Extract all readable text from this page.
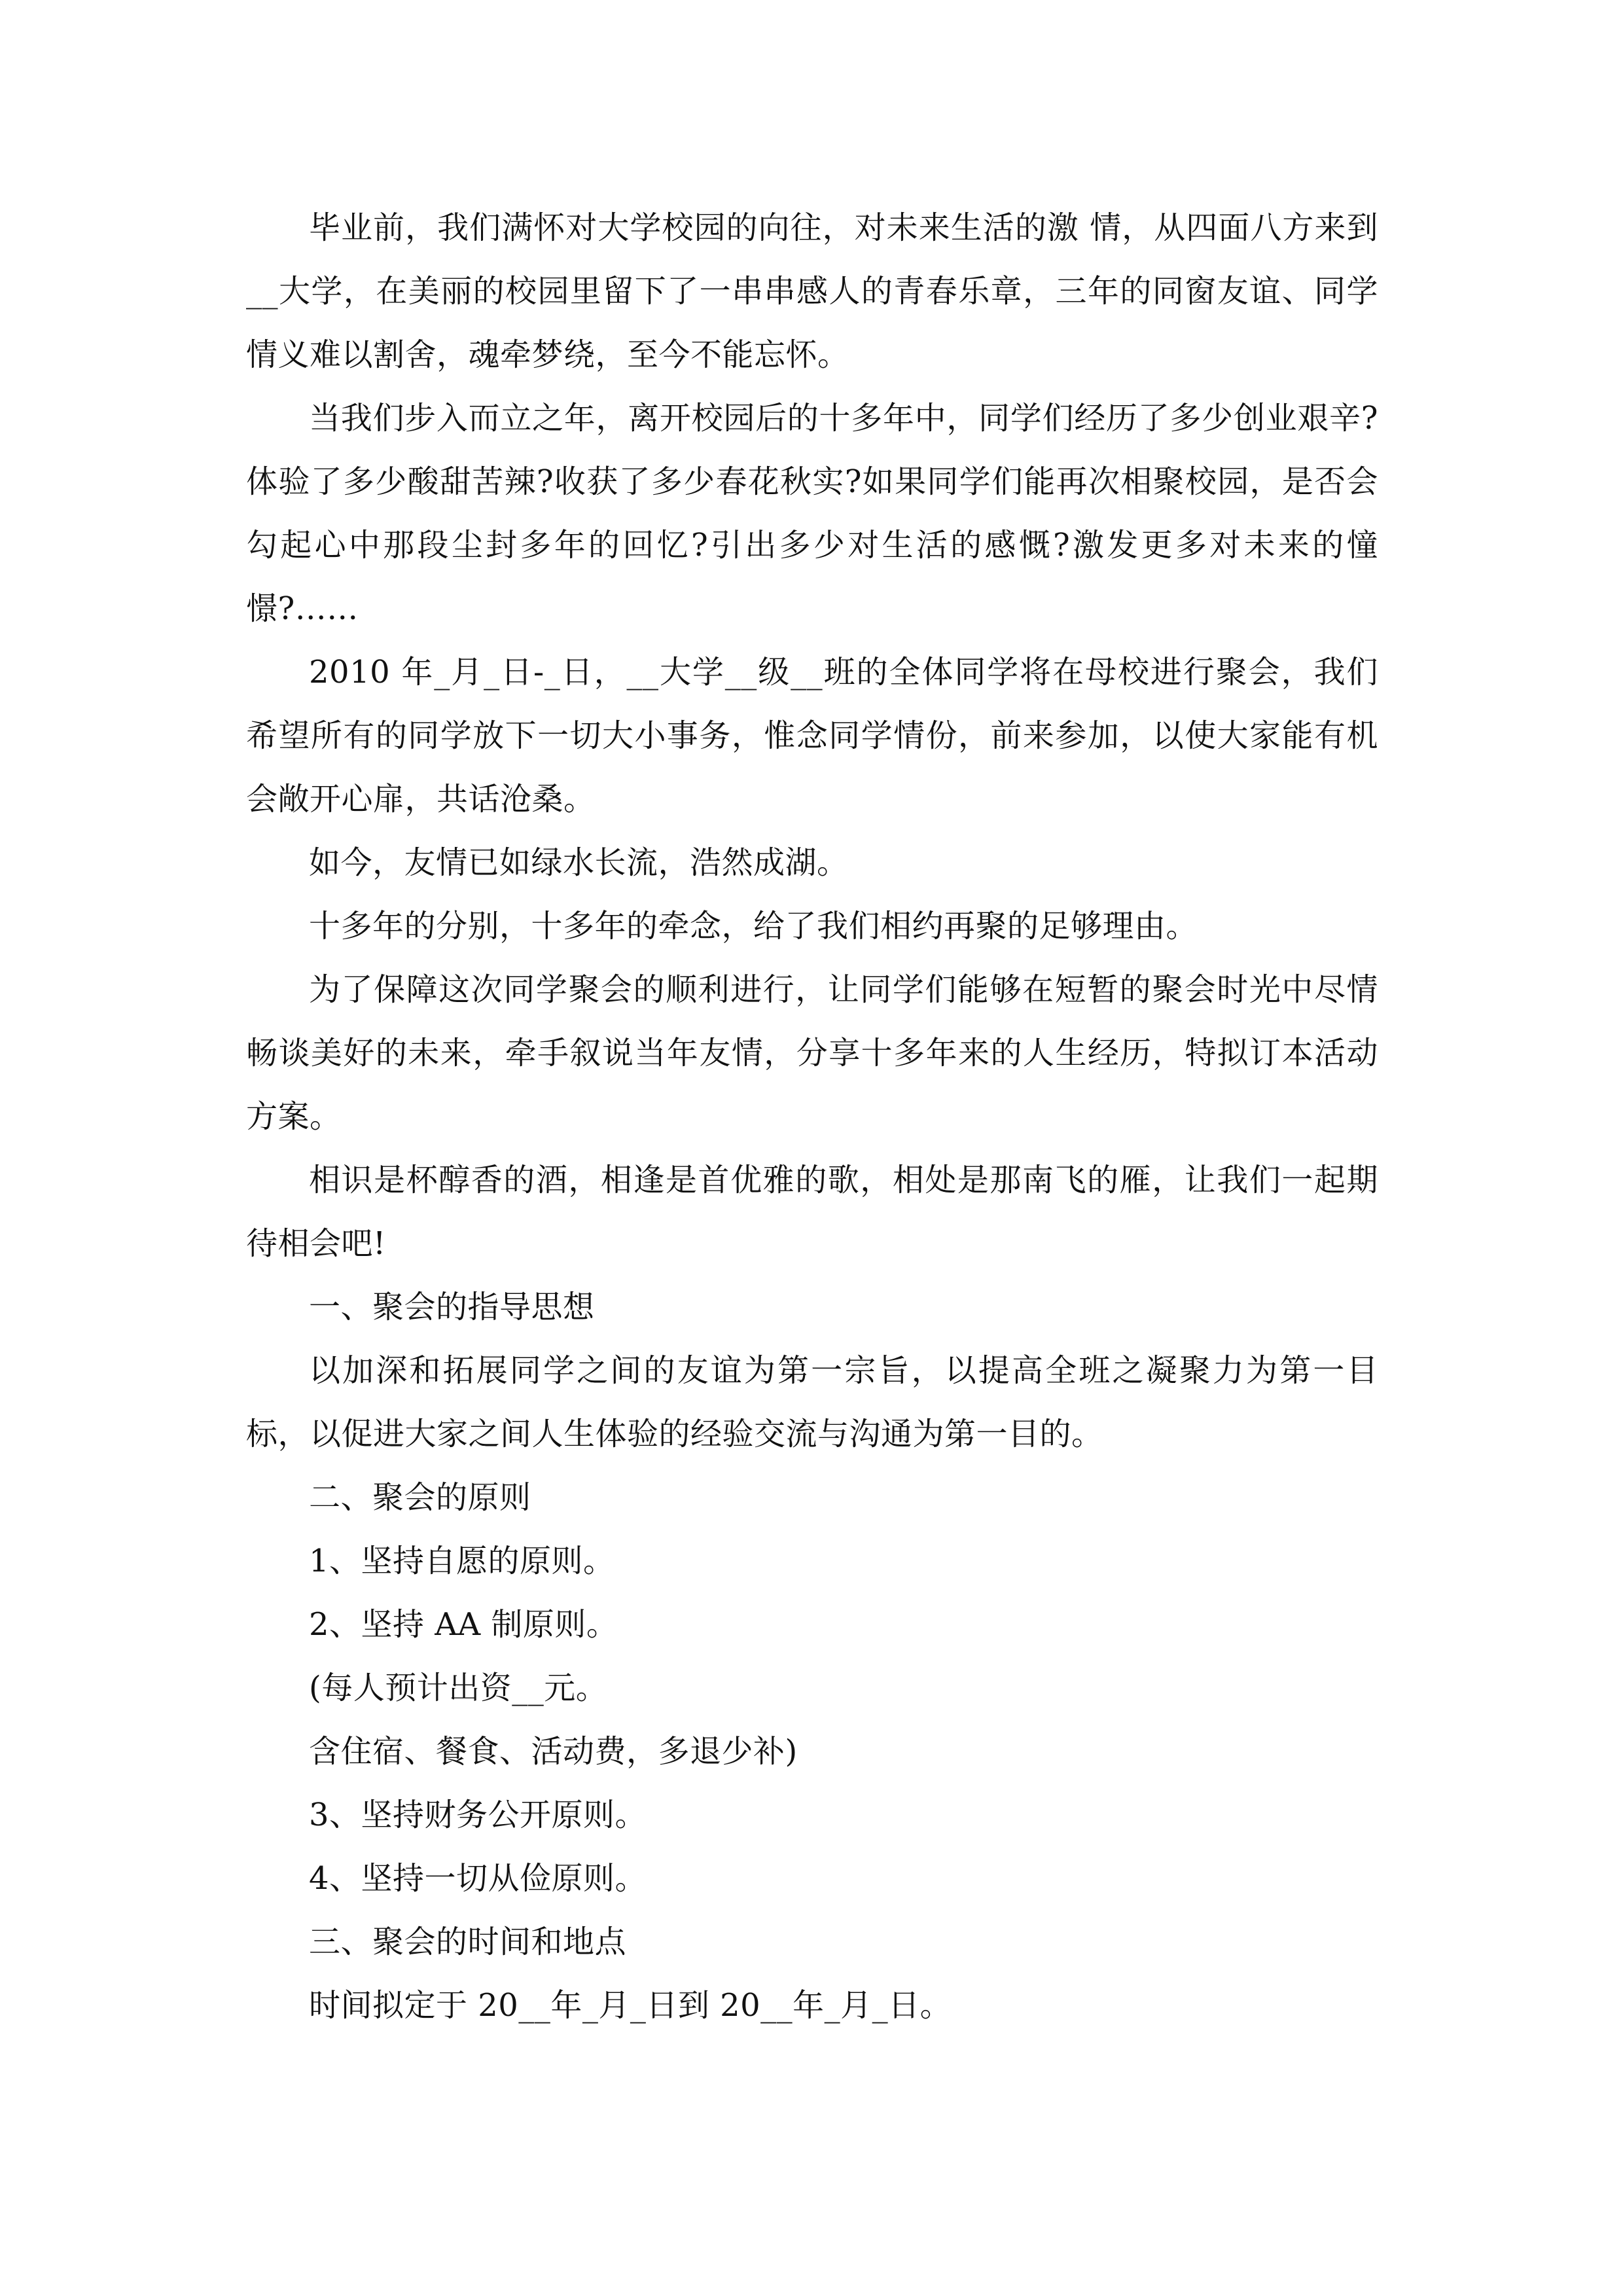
毕业前，我们满怀对大学校园的向往，对未来生活的激 情，从四面八方来到__大学，在美丽的校园里留下了一串串感人的青春乐章，三年的同窗友谊、同学情义难以割舍，魂牵梦绕，至今不能忘怀。

当我们步入而立之年，离开校园后的十多年中，同学们经历了多少创业艰辛?体验了多少酸甜苦辣?收获了多少春花秋实?如果同学们能再次相聚校园，是否会勾起心中那段尘封多年的回忆?引出多少对生活的感慨?激发更多对未来的憧憬?……

2010 年_月_日-_日，__大学__级__班的全体同学将在母校进行聚会，我们希望所有的同学放下一切大小事务，惟念同学情份，前来参加，以使大家能有机会敞开心扉，共话沧桑。

如今，友情已如绿水长流，浩然成湖。

十多年的分别，十多年的牵念，给了我们相约再聚的足够理由。

为了保障这次同学聚会的顺利进行，让同学们能够在短暂的聚会时光中尽情畅谈美好的未来，牵手叙说当年友情，分享十多年来的人生经历，特拟订本活动方案。

相识是杯醇香的酒，相逢是首优雅的歌，相处是那南飞的雁，让我们一起期待相会吧!

一、聚会的指导思想

以加深和拓展同学之间的友谊为第一宗旨，以提高全班之凝聚力为第一目标，以促进大家之间人生体验的经验交流与沟通为第一目的。

二、聚会的原则

1、坚持自愿的原则。

2、坚持 AA 制原则。

(每人预计出资__元。

含住宿、餐食、活动费，多退少补)

3、坚持财务公开原则。

4、坚持一切从俭原则。

三、聚会的时间和地点

时间拟定于 20__年_月_日到 20__年_月_日。
